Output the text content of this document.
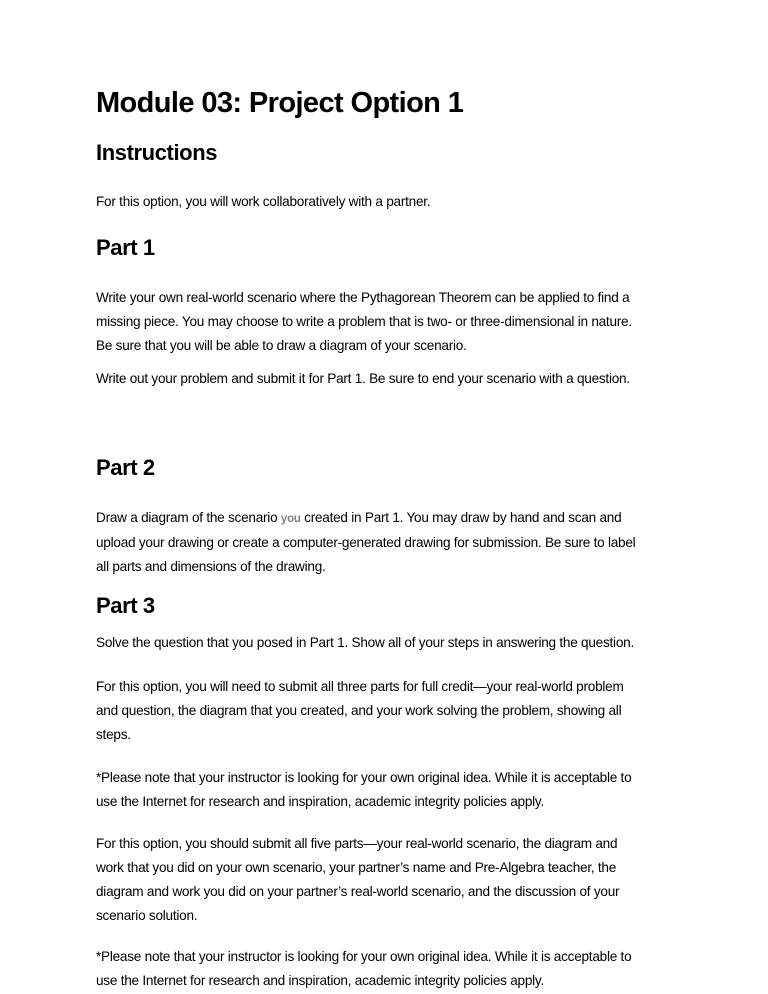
Module 03: Project Option 1
Instructions

For this option, you will work collaboratively with a partner.

Part 1

Write your own real-world scenario where the Pythagorean Theorem can be applied to find a
missing piece. You may choose to write a problem that is two- or three-dimensional in nature.
Be sure that you will be able to draw a diagram of your scenario.

Write out your problem and submit it for Part 1. Be sure to end your scenario with a question.

Part 2

Draw a diagram of the scenario you created in Part 1. You may draw by hand and scan and
upload your drawing or create a computer-generated drawing for submission. Be sure to label
all parts and dimensions of the drawing.

Part 3

Solve the question that you posed in Part 1. Show all of your steps in answering the question.

For this option, you will need to submit all three parts for full credit—your real-world problem
and question, the diagram that you created, and your work solving the problem, showing all
steps.

*Please note that your instructor is looking for your own original idea. While it is acceptable to
use the Internet for research and inspiration, academic integrity policies apply.

For this option, you should submit all five parts—your real-world scenario, the diagram and
work that you did on your own scenario, your partner’s name and Pre-Algebra teacher, the
diagram and work you did on your partner’s real-world scenario, and the discussion of your
scenario solution.

*Please note that your instructor is looking for your own original idea. While it is acceptable to
use the Internet for research and inspiration, academic integrity policies apply.
